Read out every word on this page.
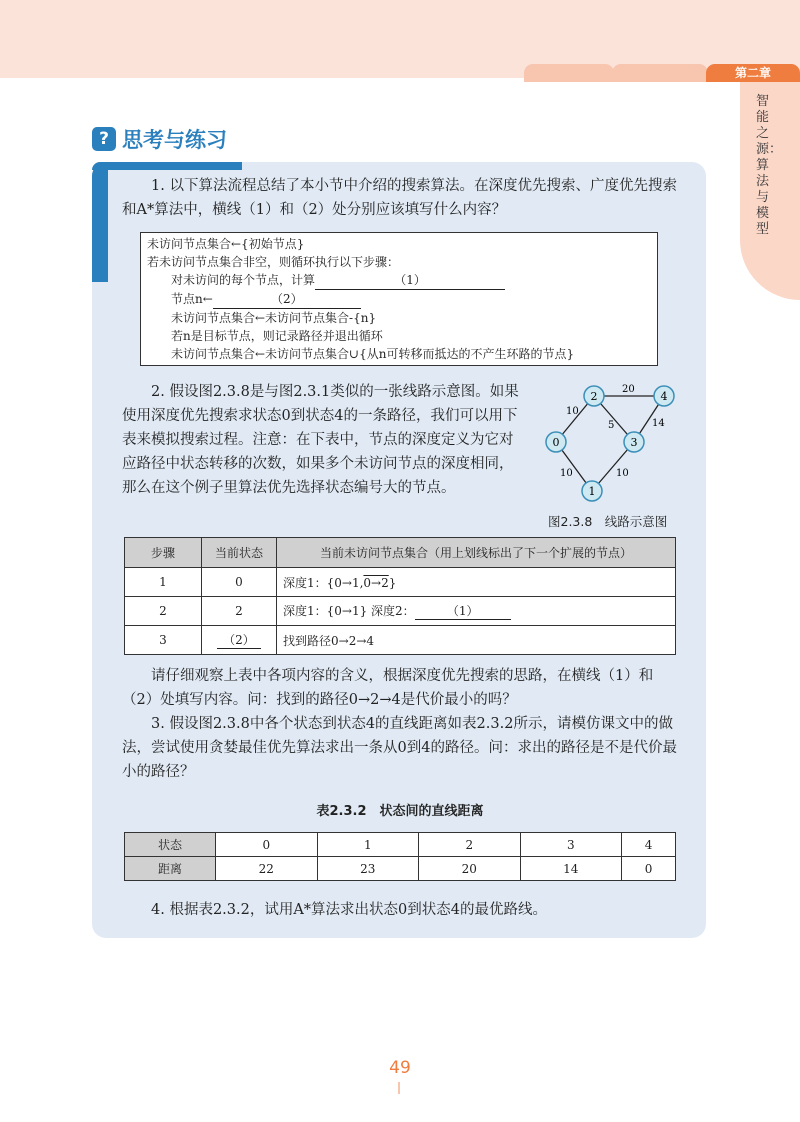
第二章
智能之源：算法与模型
? 思考与练习

1. 以下算法流程总结了本小节中介绍的搜索算法。在深度优先搜索、广度优先搜索和A*算法中，横线（1）和（2）处分别应该填写什么内容？

未访问节点集合←{初始节点}
若未访问节点集合非空，则循环执行以下步骤：
对未访问的每个节点，计算	（1）
节点n←	（2）
未访问节点集合←未访问节点集合-{n}
若n是目标节点，则记录路径并退出循环
未访问节点集合←未访问节点集合∪{从n可转移而抵达的不产生环路的节点}

2. 假设图2.3.8是与图2.3.1类似的一张线路示意图。如果使用深度优先搜索求状态0到状态4的一条路径，我们可以用下表来模拟搜索过程。注意：在下表中，节点的深度定义为它对应路径中状态转移的次数，如果多个未访问节点的深度相同，那么在这个例子里算法优先选择状态编号大的节点。

10
10
20
5	14
10
0
1
2
3
4
图2.3.8　线路示意图
步骤	当前状态	当前未访问节点集合（用上划线标出了下一个扩展的节点）
1	0	深度1：{0→1,0→2}
2	2	深度1：{0→1} 深度2： （1）
3	（2）	找到路径0→2→4

请仔细观察上表中各项内容的含义，根据深度优先搜索的思路，在横线（1）和（2）处填写内容。问：找到的路径0→2→4是代价最小的吗？

3. 假设图2.3.8中各个状态到状态4的直线距离如表2.3.2所示，请模仿课文中的做法，尝试使用贪婪最佳优先算法求出一条从0到4的路径。问：求出的路径是不是代价最小的路径？

表2.3.2　状态间的直线距离
状态	0	1	2	3	4
距离	22	23	20	14	0

4. 根据表2.3.2，试用A*算法求出状态0到状态4的最优路线。

49
